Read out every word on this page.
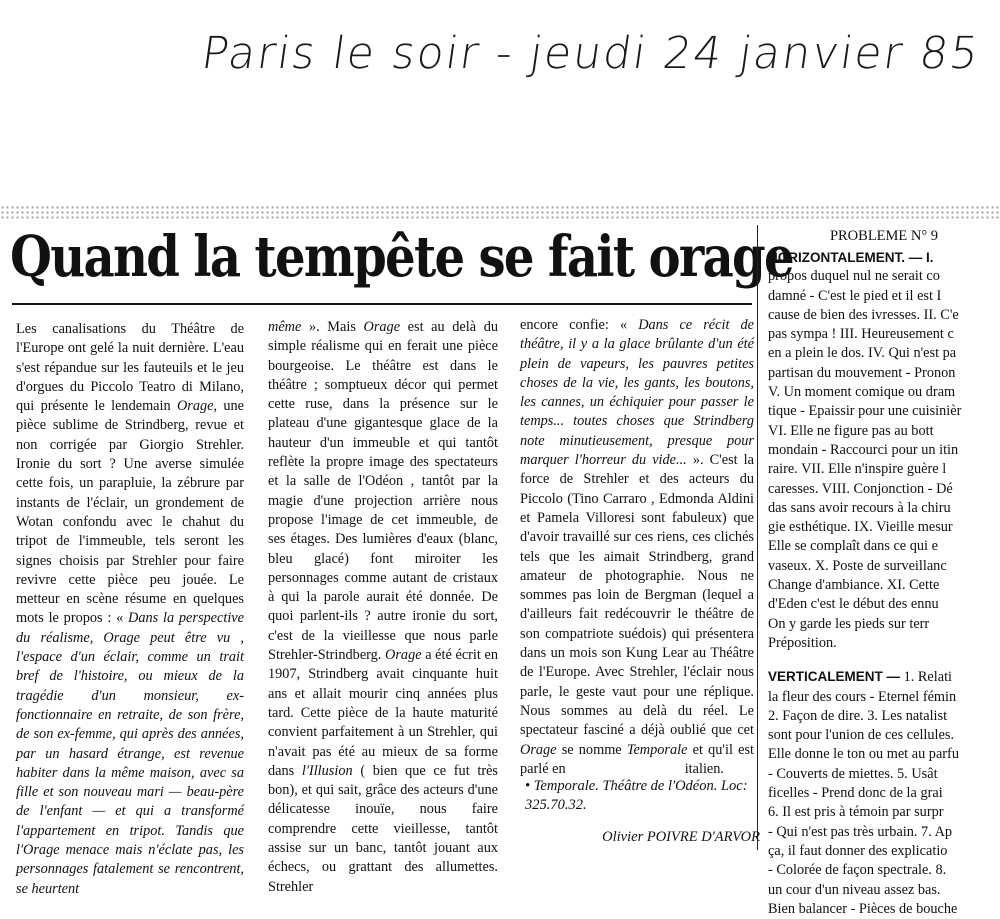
Paris le soir - jeudi 24 janvier 85
Quand la tempête se fait orage

Les canalisations du Théâtre de l'Europe ont gelé la nuit dernière. L'eau s'est répandue sur les fauteuils et le jeu d'orgues du Piccolo Teatro di Milano, qui présente le lendemain Orage, une pièce sublime de Strindberg, revue et non corrigée par Giorgio Strehler. Ironie du sort ? Une averse simulée cette fois, un parapluie, la zébrure par instants de l'éclair, un grondement de Wotan confondu avec le chahut du tripot de l'immeuble, tels seront les signes choisis par Strehler pour faire revivre cette pièce peu jouée. Le metteur en scène résume en quelques mots le propos : « Dans la perspective du réalisme, Orage peut être vu , l'espace d'un éclair, comme un trait bref de l'histoire, ou mieux de la tragédie d'un monsieur, ex-fonctionnaire en retraite, de son frère, de son ex-femme, qui après des années, par un hasard étrange, est revenue habiter dans la même maison, avec sa fille et son nouveau mari — beau-père de l'enfant — et qui a transformé l'appartement en tripot. Tandis que l'Orage menace mais n'éclate pas, les personnages fatalement se rencontrent, se heurtent

même ». Mais Orage est au delà du simple réalisme qui en ferait une pièce bourgeoise. Le théâtre est dans le théâtre ; somptueux décor qui permet cette ruse, dans la présence sur le plateau d'une gigantesque glace de la hauteur d'un immeuble et qui tantôt reflète la propre image des spectateurs et la salle de l'Odéon , tantôt par la magie d'une projection arrière nous propose l'image de cet immeuble, de ses étages. Des lumières d'eaux (blanc, bleu glacé) font miroiter les personnages comme autant de cristaux à qui la parole aurait été donnée. De quoi parlent-ils ? autre ironie du sort, c'est de la vieillesse que nous parle Strehler-Strindberg. Orage a été écrit en 1907, Strindberg avait cinquante huit ans et allait mourir cinq années plus tard. Cette pièce de la haute maturité convient parfaitement à un Strehler, qui n'avait pas été au mieux de sa forme dans l'Illusion ( bien que ce fut très bon), et qui sait, grâce des acteurs d'une délicatesse inouïe, nous faire comprendre cette vieillesse, tantôt assise sur un banc, tantôt jouant aux échecs, ou grattant des allumettes. Strehler

encore confie: « Dans ce récit de théâtre, il y a la glace brûlante d'un été plein de vapeurs, les pauvres petites choses de la vie, les gants, les boutons, les cannes, un échiquier pour passer le temps... toutes choses que Strindberg note minutieusement, presque pour marquer l'horreur du vide... ». C'est la force de Strehler et des acteurs du Piccolo (Tino Carraro , Edmonda Aldini et Pamela Villoresi sont fabuleux) que d'avoir travaillé sur ces riens, ces clichés tels que les aimait Strindberg, grand amateur de photographie. Nous ne sommes pas loin de Bergman (lequel a d'ailleurs fait redécouvrir le théâtre de son compatriote suédois) qui présentera dans un mois son Kung Lear au Théâtre de l'Europe. Avec Strehler, l'éclair nous parle, le geste vaut pour une réplique. Nous sommes au delà du réel. Le spectateur fasciné a déjà oublié que cet Orage se nomme Temporale et qu'il est parlé en	italien.

• Temporale. Théâtre de l'Odéon. Loc: 325.70.32.
Olivier POIVRE D'ARVOR
PROBLEME N° 9
HORIZONTALEMENT. — I.
propos duquel nul ne serait co
damné - C'est le pied et il est I
cause de bien des ivresses. II. C'e
pas sympa ! III. Heureusement c
en a plein le dos. IV. Qui n'est pa
partisan du mouvement - Pronon
V. Un moment comique ou dram
tique - Epaissir pour une cuisinièr
VI. Elle ne figure pas au bott
mondain - Raccourci pour un itin
raire. VII. Elle n'inspire guère l
caresses. VIII. Conjonction - Dé
das sans avoir recours à la chiru
gie esthétique. IX. Vieille mesur
Elle se complaît dans ce qui e
vaseux. X. Poste de surveillanc
Change d'ambiance. XI. Cette
d'Eden c'est le début des ennu
On y garde les pieds sur terr
Préposition.
VERTICALEMENT — 1. Relati
la fleur des cours - Eternel fémin
2. Façon de dire. 3. Les natalist
sont pour l'union de ces cellules.
Elle donne le ton ou met au parfu
- Couverts de miettes. 5. Usât
ficelles - Prend donc de la grai
6. Il est pris à témoin par surpr
- Qui n'est pas très urbain. 7. Ap
ça, il faut donner des explicatio
- Colorée de façon spectrale. 8.
un cour d'un niveau assez bas.
Bien balancer - Pièces de bouche
